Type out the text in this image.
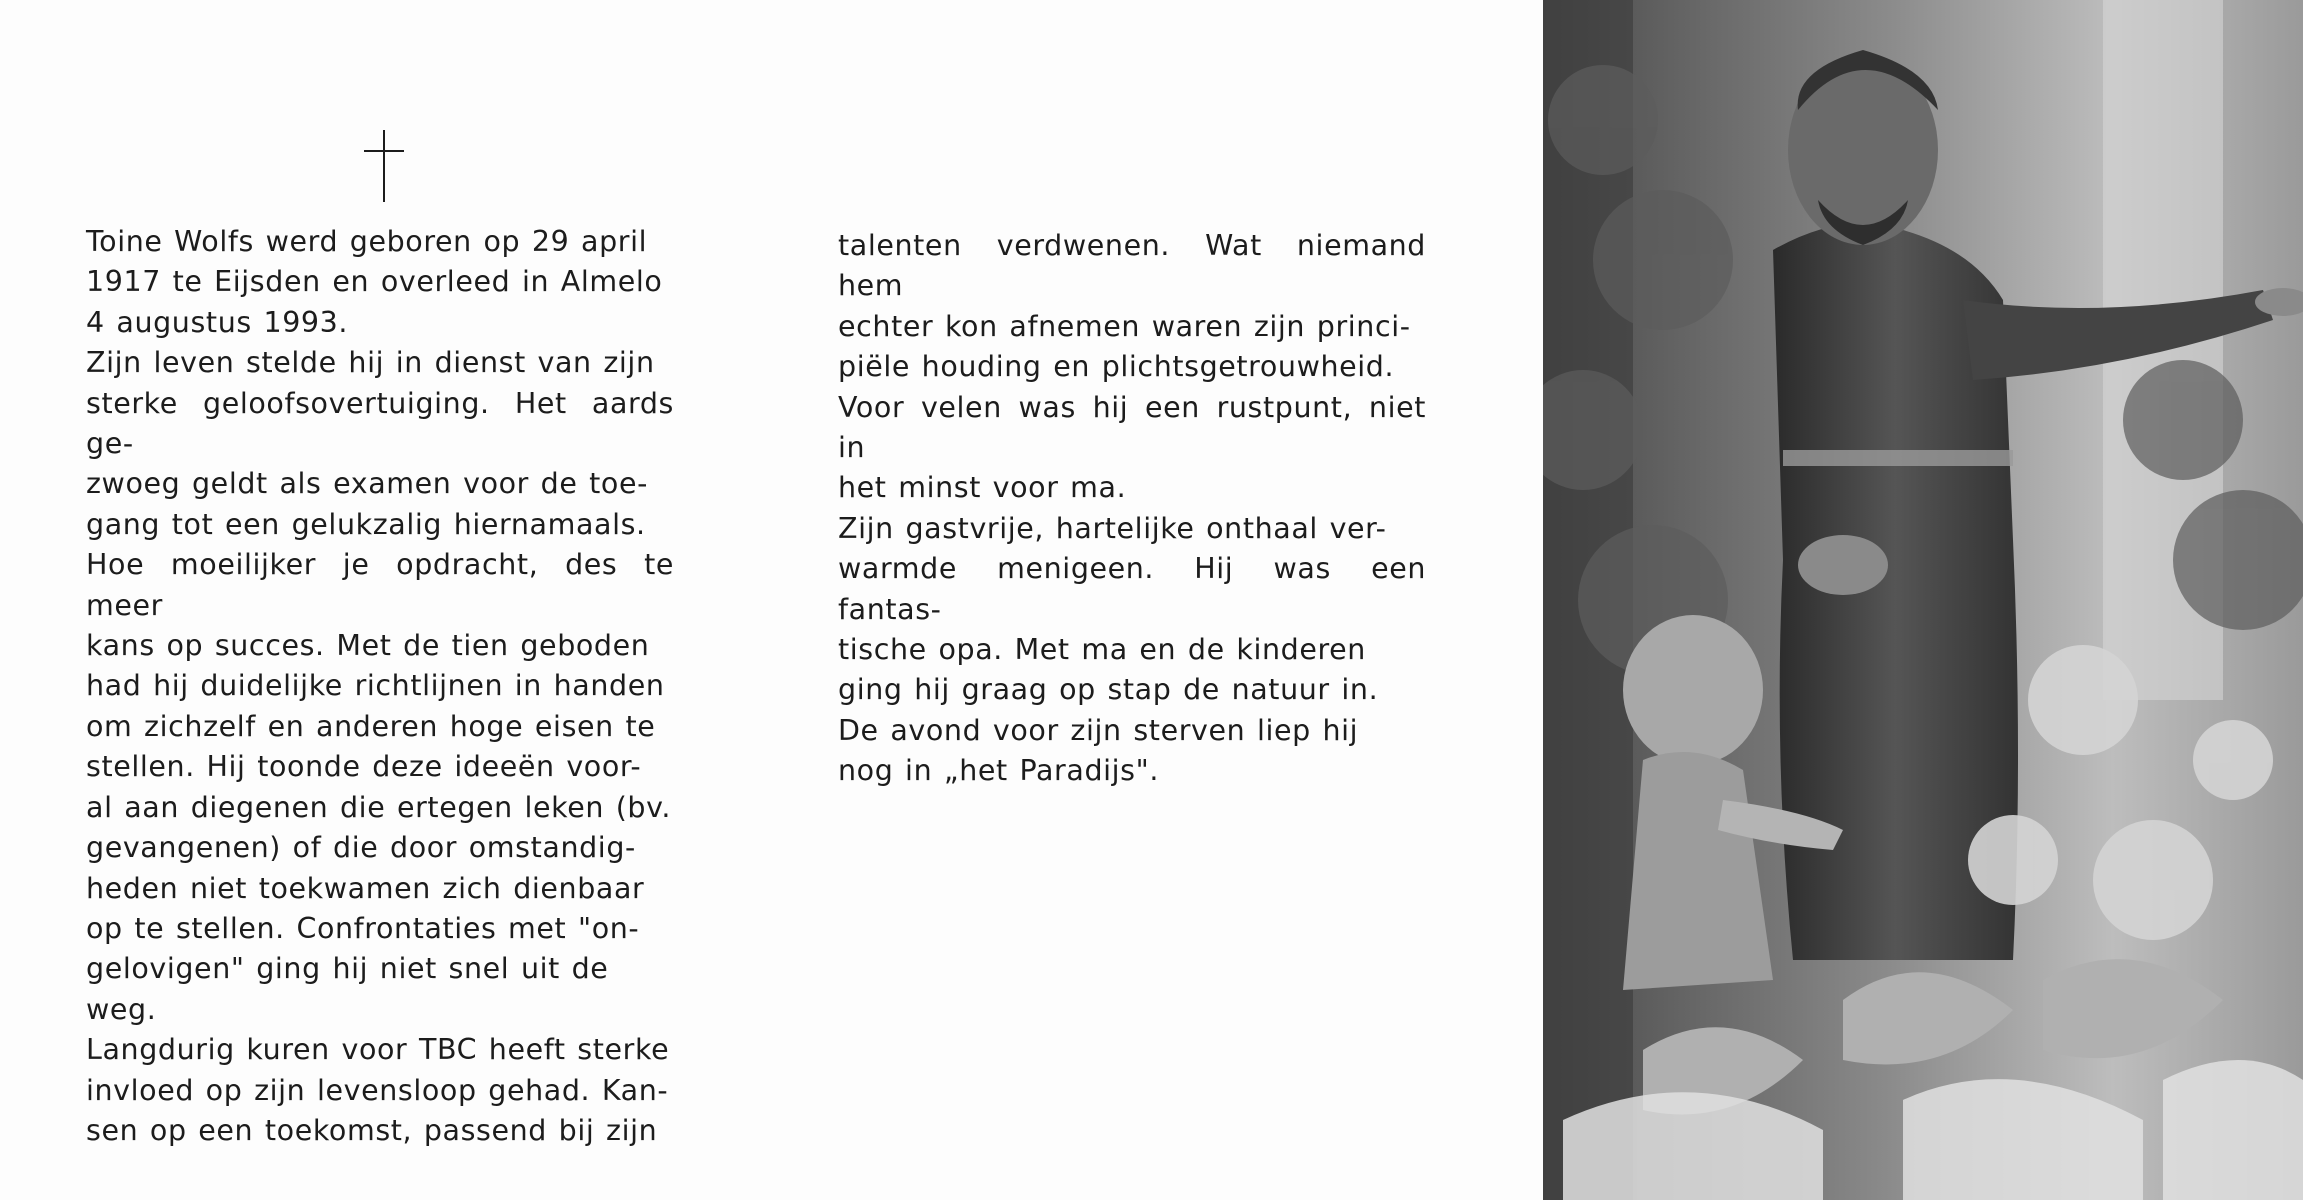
Toine Wolfs werd geboren op 29 april
1917 te Eijsden en overleed in Almelo
4 augustus 1993.

Zijn leven stelde hij in dienst van zijn
sterke geloofsovertuiging. Het aards ge-
zwoeg geldt als examen voor de toe-
gang tot een gelukzalig hiernamaals.
Hoe moeilijker je opdracht, des te meer
kans op succes. Met de tien geboden
had hij duidelijke richtlijnen in handen
om zichzelf en anderen hoge eisen te
stellen. Hij toonde deze ideeën voor-
al aan diegenen die ertegen leken (bv.
gevangenen) of die door omstandig-
heden niet toekwamen zich dienbaar
op te stellen. Confrontaties met "on-
gelovigen" ging hij niet snel uit de
weg.

Langdurig kuren voor TBC heeft sterke
invloed op zijn levensloop gehad. Kan-
sen op een toekomst, passend bij zijn

talenten verdwenen. Wat niemand hem
echter kon afnemen waren zijn princi-
piële houding en plichtsgetrouwheid.

Voor velen was hij een rustpunt, niet in
het minst voor ma.

Zijn gastvrije, hartelijke onthaal ver-
warmde menigeen. Hij was een fantas-
tische opa. Met ma en de kinderen
ging hij graag op stap de natuur in.
De avond voor zijn sterven liep hij
nog in „het Paradijs".
